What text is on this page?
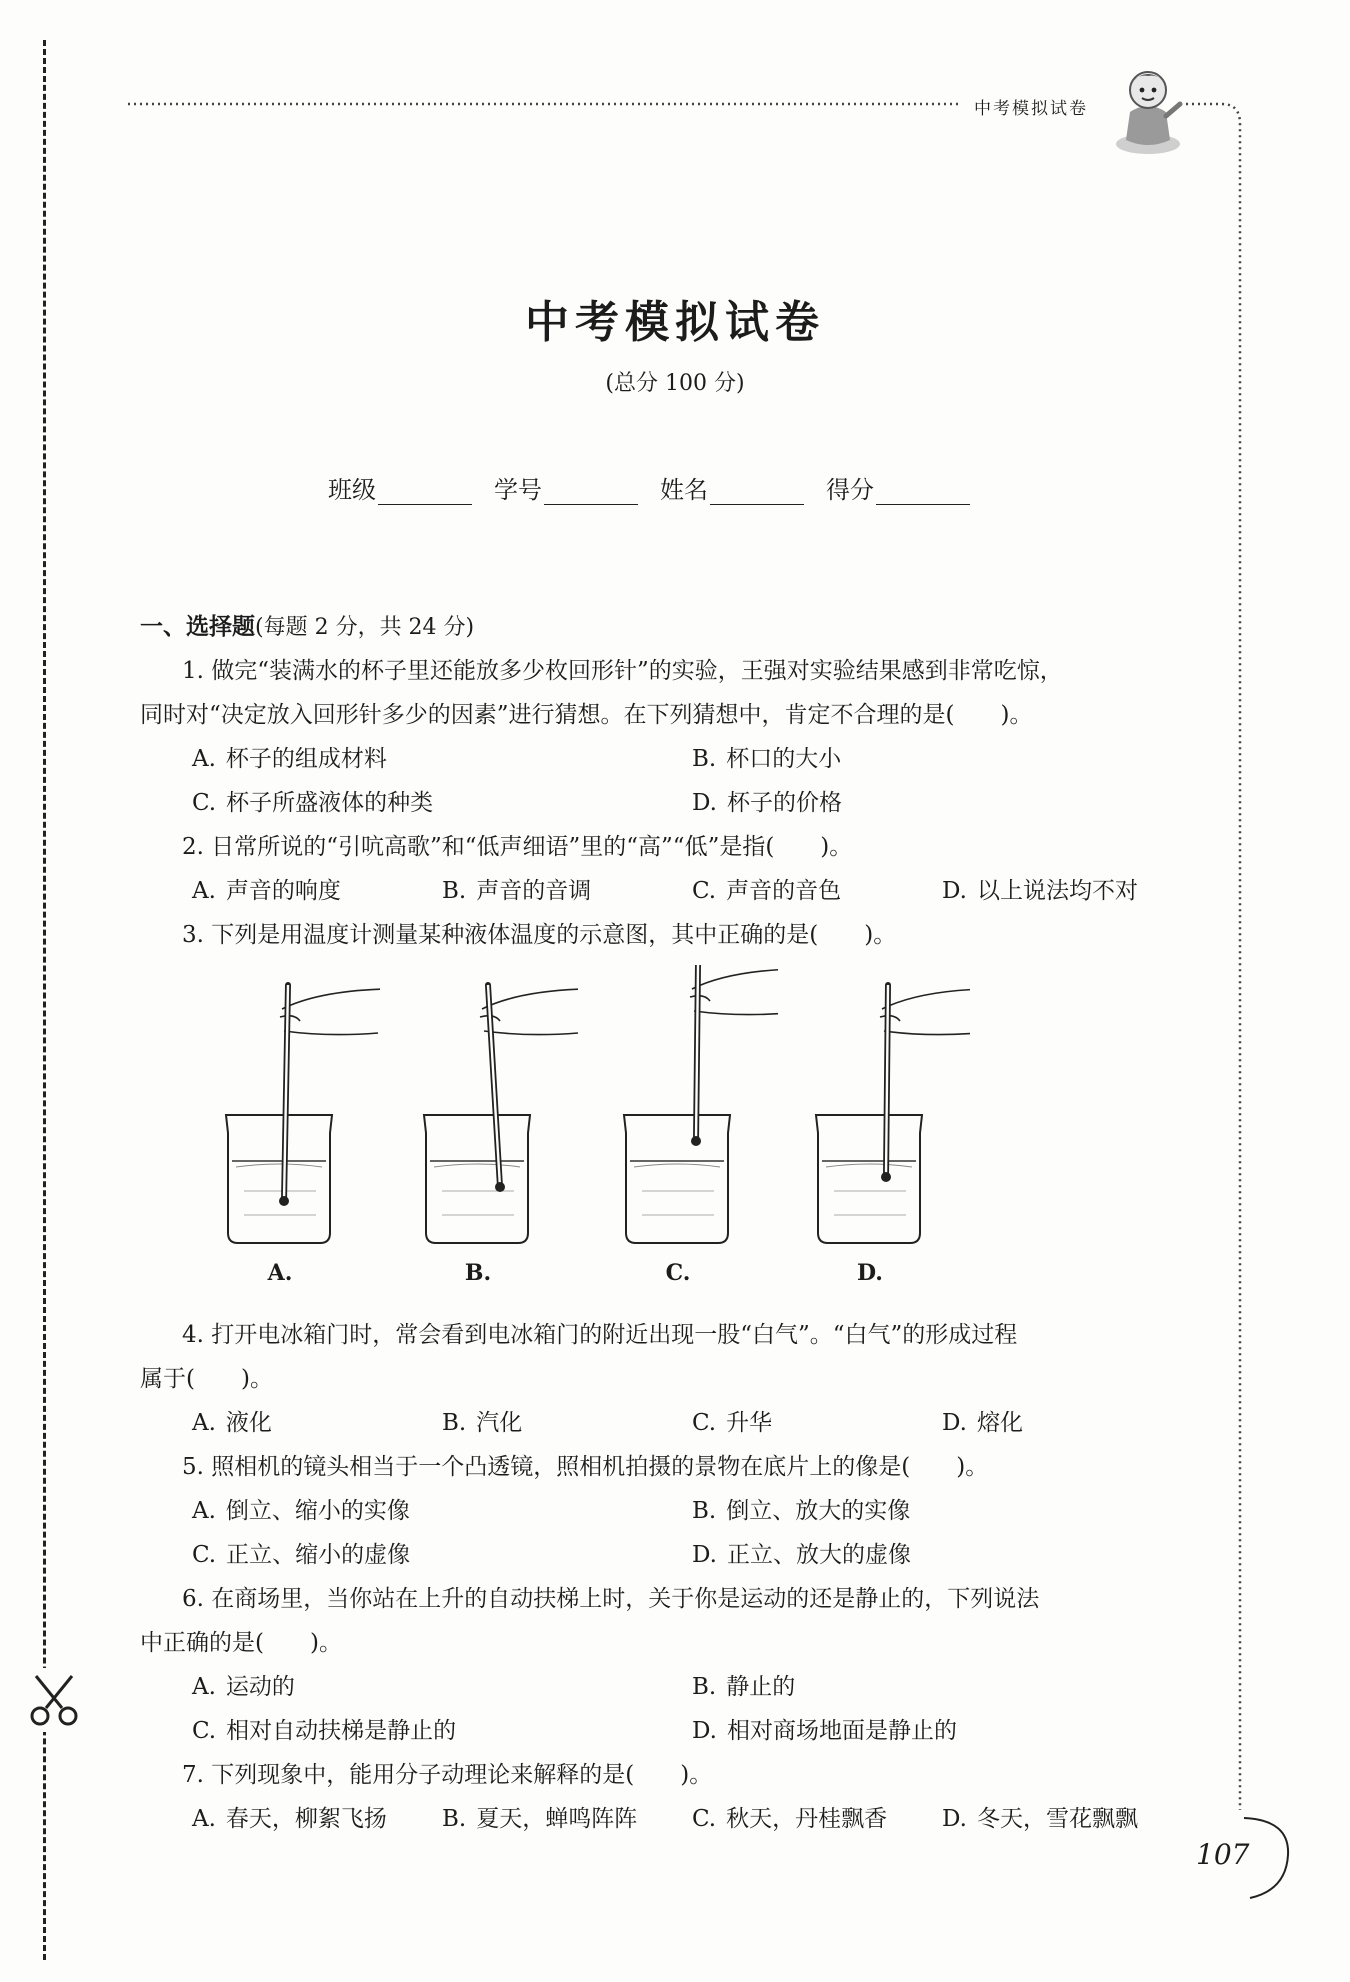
中考模拟试卷
中考模拟试卷
(总分 100 分)
班级	学号	姓名	得分
一、选择题(每题 2 分，共 24 分)
1. 做完“装满水的杯子里还能放多少枚回形针”的实验，王强对实验结果感到非常吃惊，
同时对“决定放入回形针多少的因素”进行猜想。在下列猜想中，肯定不合理的是(　　)。
A. 杯子的组成材料	B. 杯口的大小
C. 杯子所盛液体的种类	D. 杯子的价格
2. 日常所说的“引吭高歌”和“低声细语”里的“高”“低”是指(　　)。
A. 声音的响度	B. 声音的音调	C. 声音的音色	D. 以上说法均不对
3. 下列是用温度计测量某种液体温度的示意图，其中正确的是(　　)。
A.	B.	C.	D.
4. 打开电冰箱门时，常会看到电冰箱门的附近出现一股“白气”。“白气”的形成过程
属于(　　)。
A. 液化	B. 汽化	C. 升华	D. 熔化
5. 照相机的镜头相当于一个凸透镜，照相机拍摄的景物在底片上的像是(　　)。
A. 倒立、缩小的实像	B. 倒立、放大的实像
C. 正立、缩小的虚像	D. 正立、放大的虚像
6. 在商场里，当你站在上升的自动扶梯上时，关于你是运动的还是静止的，下列说法
中正确的是(　　)。
A. 运动的	B. 静止的
C. 相对自动扶梯是静止的	D. 相对商场地面是静止的
7. 下列现象中，能用分子动理论来解释的是(　　)。
A. 春天，柳絮飞扬	B. 夏天，蝉鸣阵阵	C. 秋天，丹桂飘香	D. 冬天，雪花飘飘
107
